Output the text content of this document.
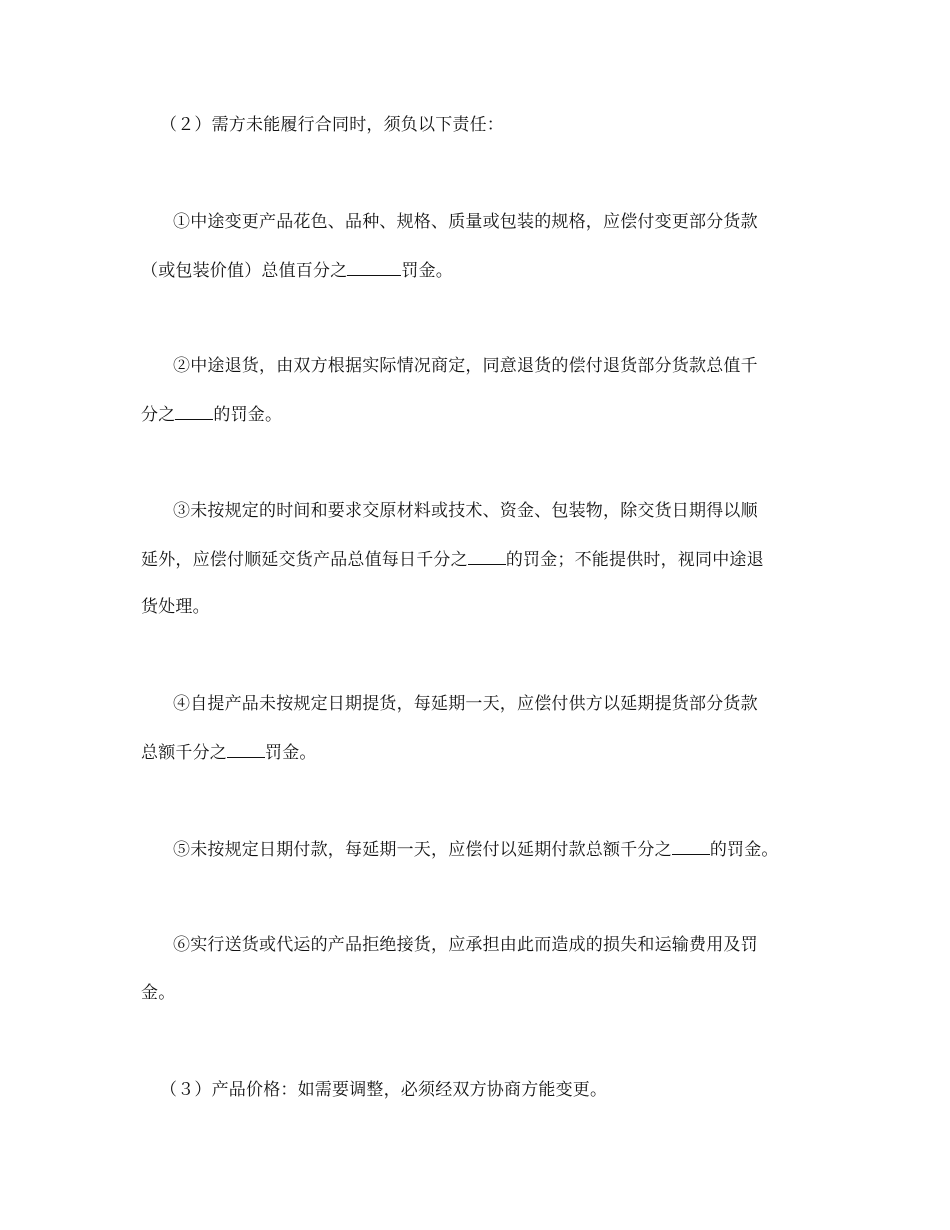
（２）需方未能履行合同时，须负以下责任：
①中途变更产品花色、品种、规格、质量或包装的规格，应偿付变更部分货款
（或包装价值）总值百分之	罚金。
②中途退货，由双方根据实际情况商定，同意退货的偿付退货部分货款总值千
分之 的罚金。
③未按规定的时间和要求交原材料或技术、资金、包装物，除交货日期得以顺
延外，应偿付顺延交货产品总值每日千分之 的罚金；不能提供时，视同中途退
货处理。
④自提产品未按规定日期提货，每延期一天，应偿付供方以延期提货部分货款
总额千分之 罚金。
⑤未按规定日期付款，每延期一天，应偿付以延期付款总额千分之 的罚金。
⑥实行送货或代运的产品拒绝接货，应承担由此而造成的损失和运输费用及罚
金。
（３）产品价格：如需要调整，必须经双方协商方能变更。
